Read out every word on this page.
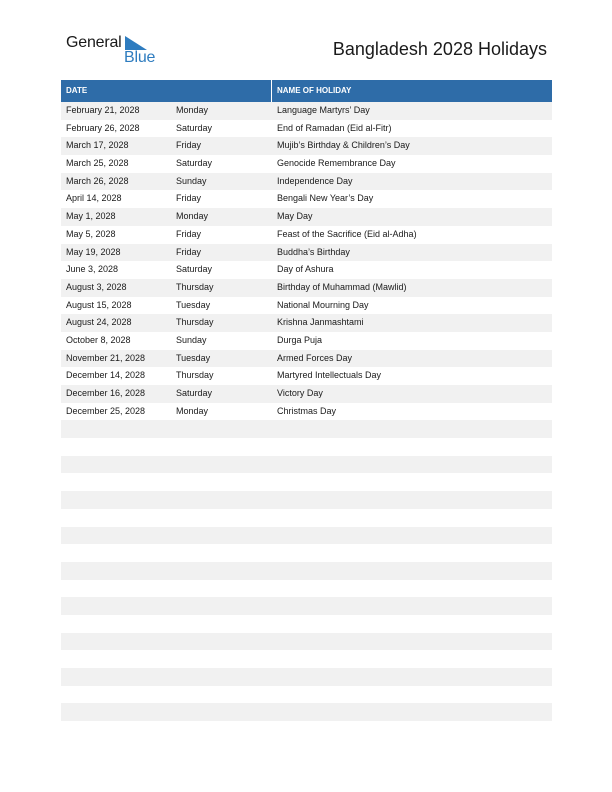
General
Blue	Bangladesh 2028 Holidays
DATE	NAME OF HOLIDAY
February 21, 2028	Monday	Language Martyrs’ Day
February 26, 2028	Saturday	End of Ramadan (Eid al-Fitr)
March 17, 2028	Friday	Mujib’s Birthday & Children’s Day
March 25, 2028	Saturday	Genocide Remembrance Day
March 26, 2028	Sunday	Independence Day
April 14, 2028	Friday	Bengali New Year’s Day
May 1, 2028	Monday	May Day
May 5, 2028	Friday	Feast of the Sacrifice (Eid al-Adha)
May 19, 2028	Friday	Buddha’s Birthday
June 3, 2028	Saturday	Day of Ashura
August 3, 2028	Thursday	Birthday of Muhammad (Mawlid)
August 15, 2028	Tuesday	National Mourning Day
August 24, 2028	Thursday	Krishna Janmashtami
October 8, 2028	Sunday	Durga Puja
November 21, 2028	Tuesday	Armed Forces Day
December 14, 2028	Thursday	Martyred Intellectuals Day
December 16, 2028	Saturday	Victory Day
December 25, 2028	Monday	Christmas Day
